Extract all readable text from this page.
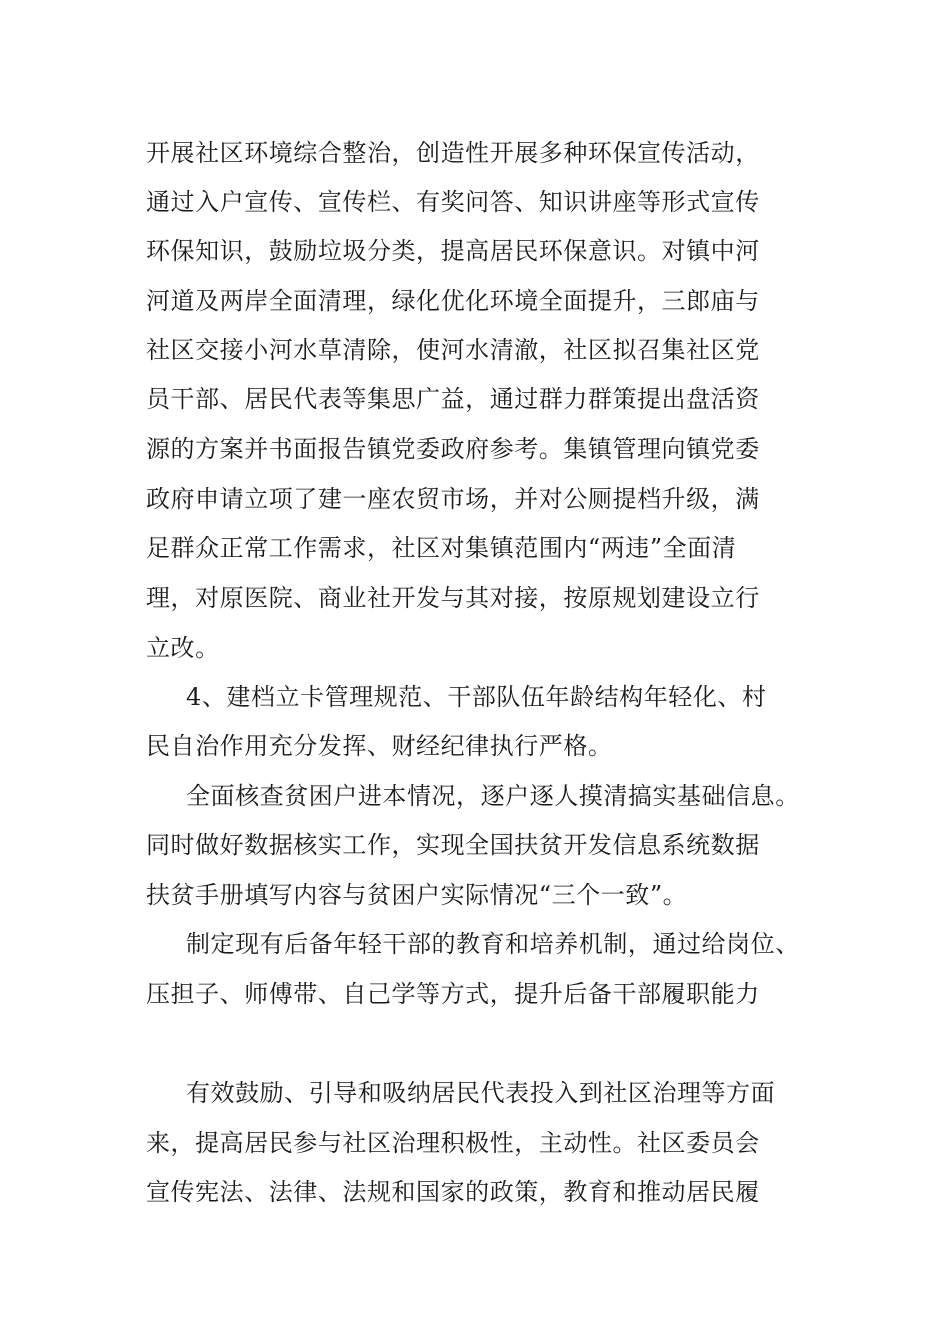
开展社区环境综合整治，创造性开展多种环保宣传活动，
通过入户宣传、宣传栏、有奖问答、知识讲座等形式宣传
环保知识，鼓励垃圾分类，提高居民环保意识。对镇中河
河道及两岸全面清理，绿化优化环境全面提升，三郎庙与
社区交接小河水草清除，使河水清澈，社区拟召集社区党
员干部、居民代表等集思广益，通过群力群策提出盘活资
源的方案并书面报告镇党委政府参考。集镇管理向镇党委
政府申请立项了建一座农贸市场，并对公厕提档升级，满
足群众正常工作需求，社区对集镇范围内“两违”全面清
理，对原医院、商业社开发与其对接，按原规划建设立行
立改。
4、建档立卡管理规范、干部队伍年龄结构年轻化、村
民自治作用充分发挥、财经纪律执行严格。
全面核查贫困户进本情况，逐户逐人摸清搞实基础信息。
同时做好数据核实工作，实现全国扶贫开发信息系统数据
扶贫手册填写内容与贫困户实际情况“三个一致”。
制定现有后备年轻干部的教育和培养机制，通过给岗位、
压担子、师傅带、自己学等方式，提升后备干部履职能力
有效鼓励、引导和吸纳居民代表投入到社区治理等方面
来，提高居民参与社区治理积极性，主动性。社区委员会
宣传宪法、法律、法规和国家的政策，教育和推动居民履
